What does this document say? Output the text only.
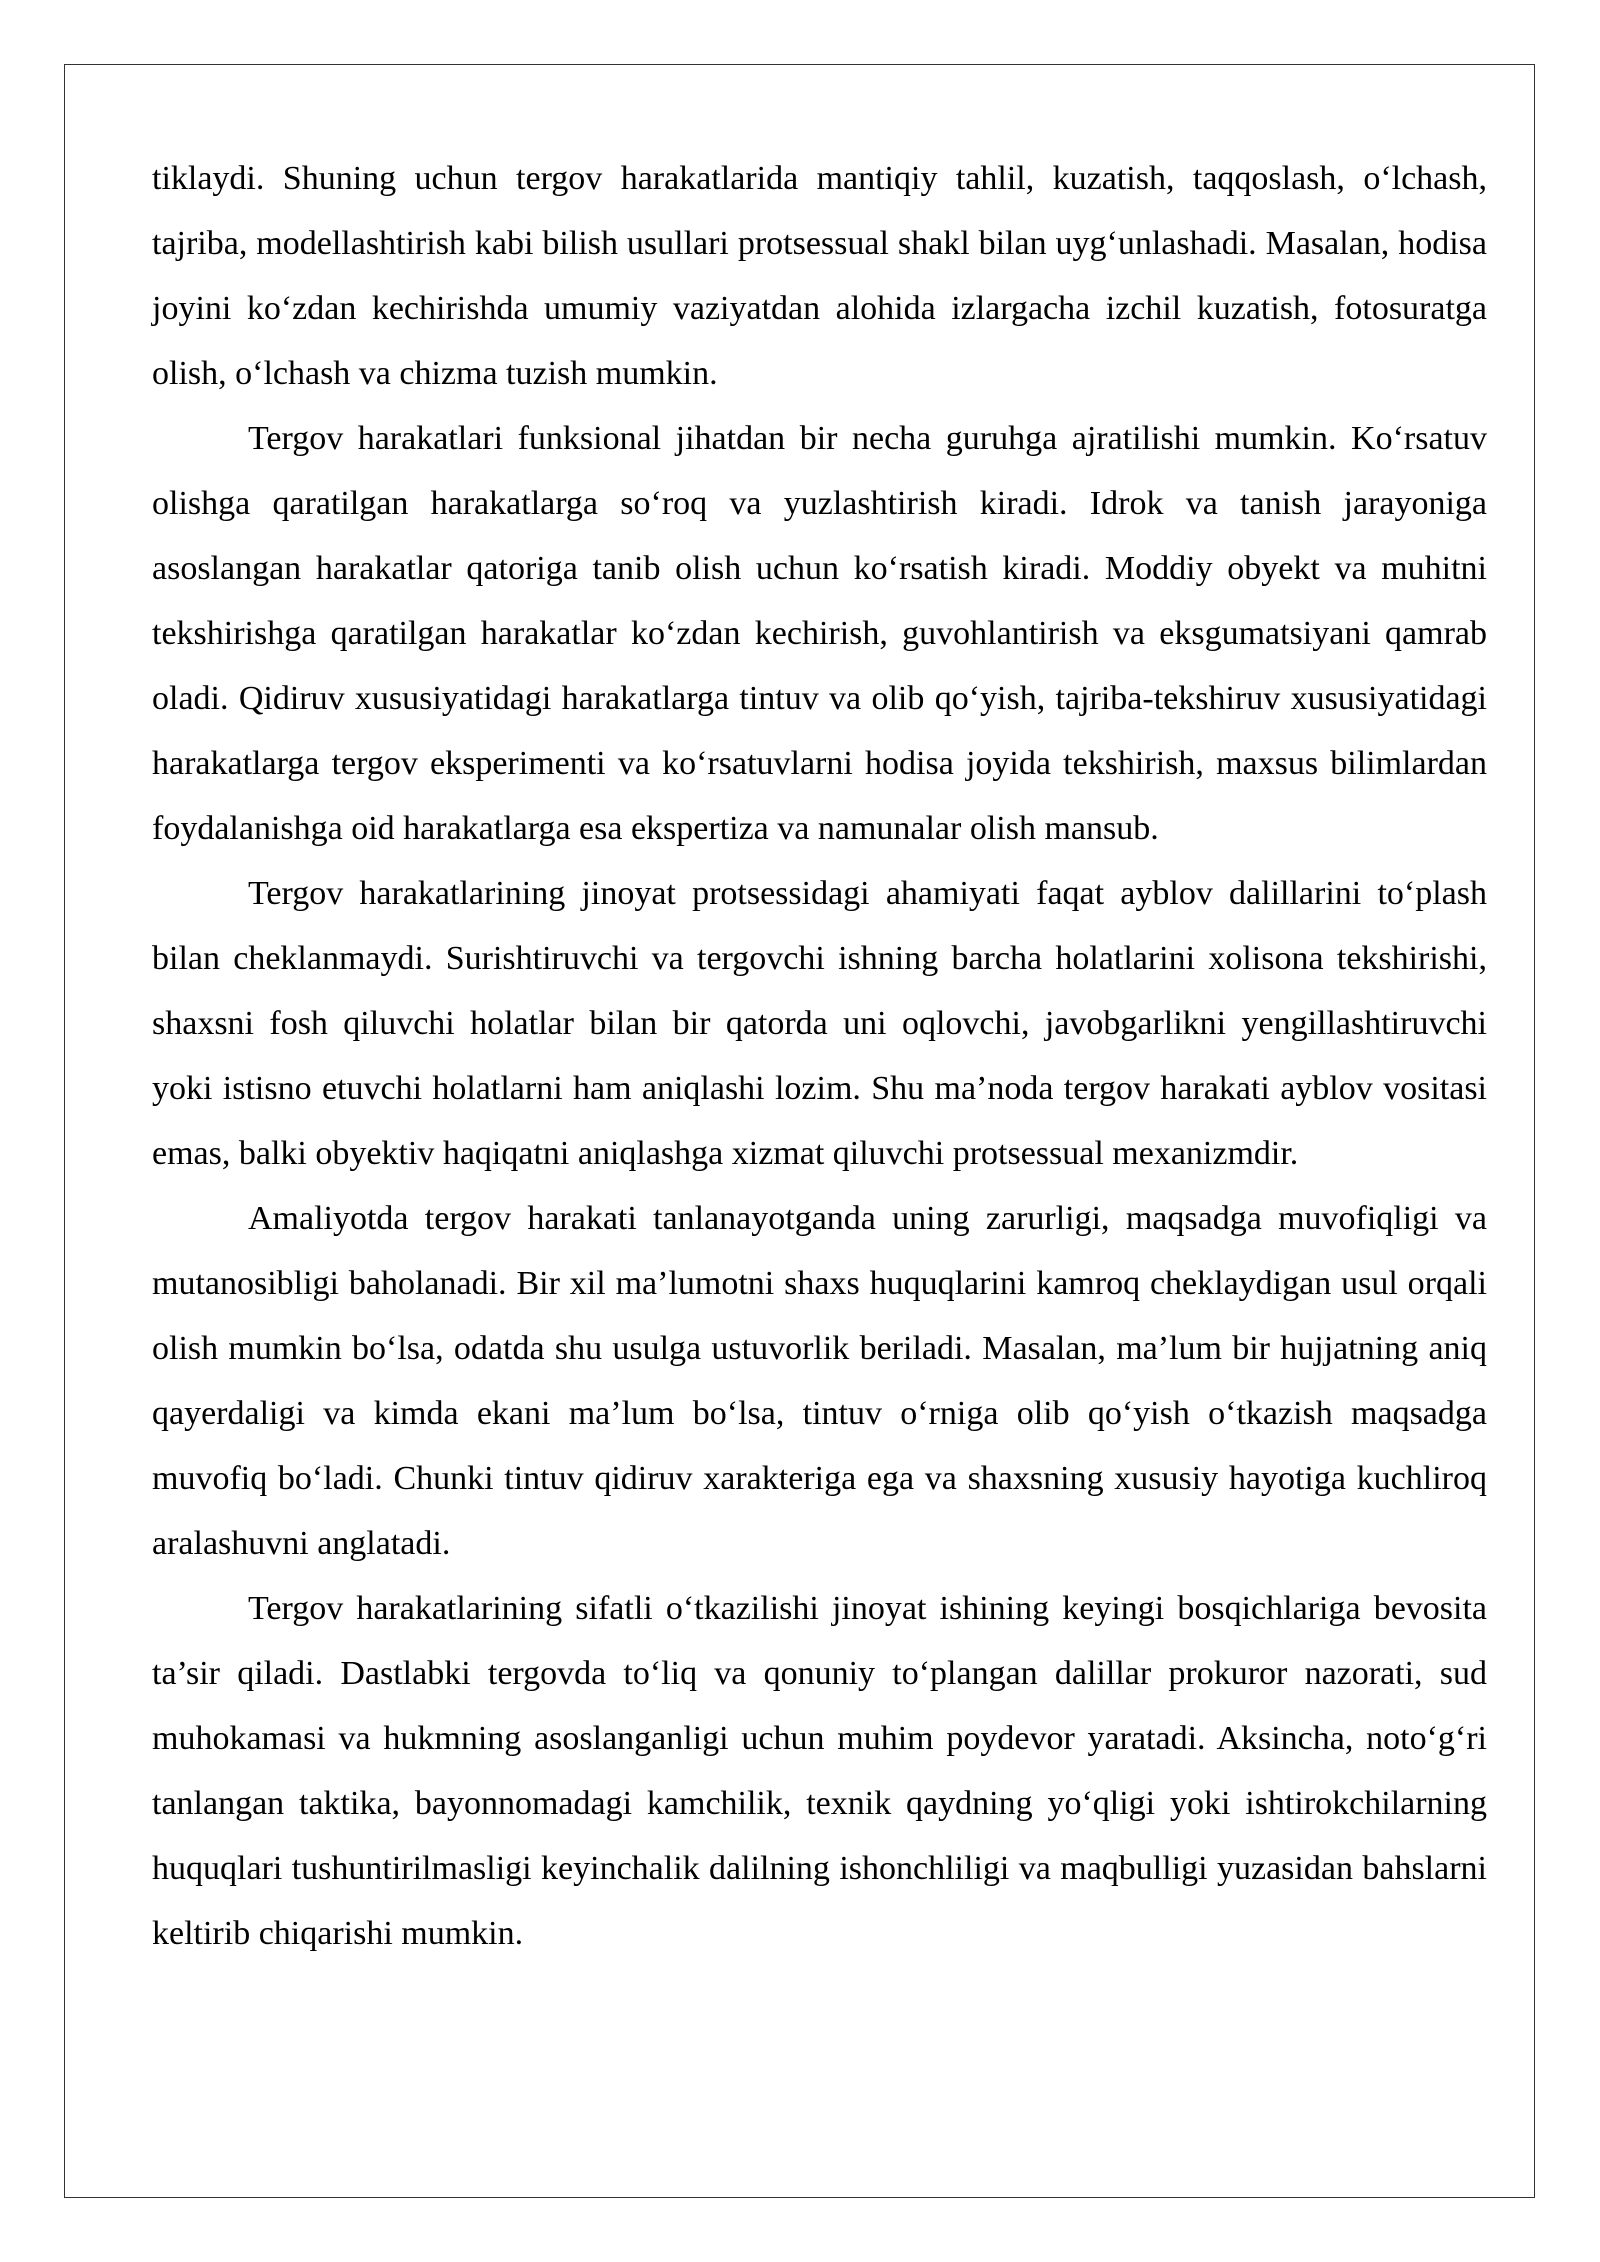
tiklaydi. Shuning uchun tergov harakatlarida mantiqiy tahlil, kuzatish, taqqoslash, o‘lchash, tajriba, modellashtirish kabi bilish usullari protsessual shakl bilan uyg‘unlashadi. Masalan, hodisa joyini ko‘zdan kechirishda umumiy vaziyatdan alohida izlargacha izchil kuzatish, fotosuratga olish, o‘lchash va chizma tuzish mumkin.

Tergov harakatlari funksional jihatdan bir necha guruhga ajratilishi mumkin. Ko‘rsatuv olishga qaratilgan harakatlarga so‘roq va yuzlashtirish kiradi. Idrok va tanish jarayoniga asoslangan harakatlar qatoriga tanib olish uchun ko‘rsatish kiradi. Moddiy obyekt va muhitni tekshirishga qaratilgan harakatlar ko‘zdan kechirish, guvohlantirish va eksgumatsiyani qamrab oladi. Qidiruv xususiyatidagi harakatlarga tintuv va olib qo‘yish, tajriba-tekshiruv xususiyatidagi harakatlarga tergov eksperimenti va ko‘rsatuvlarni hodisa joyida tekshirish, maxsus bilimlardan foydalanishga oid harakatlarga esa ekspertiza va namunalar olish mansub.

Tergov harakatlarining jinoyat protsessidagi ahamiyati faqat ayblov dalillarini to‘plash bilan cheklanmaydi. Surishtiruvchi va tergovchi ishning barcha holatlarini xolisona tekshirishi, shaxsni fosh qiluvchi holatlar bilan bir qatorda uni oqlovchi, javobgarlikni yengillashtiruvchi yoki istisno etuvchi holatlarni ham aniqlashi lozim. Shu ma’noda tergov harakati ayblov vositasi emas, balki obyektiv haqiqatni aniqlashga xizmat qiluvchi protsessual mexanizmdir.

Amaliyotda tergov harakati tanlanayotganda uning zarurligi, maqsadga muvofiqligi va mutanosibligi baholanadi. Bir xil ma’lumotni shaxs huquqlarini kamroq cheklaydigan usul orqali olish mumkin bo‘lsa, odatda shu usulga ustuvorlik beriladi. Masalan, ma’lum bir hujjatning aniq qayerdaligi va kimda ekani ma’lum bo‘lsa, tintuv o‘rniga olib qo‘yish o‘tkazish maqsadga muvofiq bo‘ladi. Chunki tintuv qidiruv xarakteriga ega va shaxsning xususiy hayotiga kuchliroq aralashuvni anglatadi.

Tergov harakatlarining sifatli o‘tkazilishi jinoyat ishining keyingi bosqichlariga bevosita ta’sir qiladi. Dastlabki tergovda to‘liq va qonuniy to‘plangan dalillar prokuror nazorati, sud muhokamasi va hukmning asoslanganligi uchun muhim poydevor yaratadi. Aksincha, noto‘g‘ri tanlangan taktika, bayonnomadagi kamchilik, texnik qaydning yo‘qligi yoki ishtirokchilarning huquqlari tushuntirilmasligi keyinchalik dalilning ishonchliligi va maqbulligi yuzasidan bahslarni keltirib chiqarishi mumkin.
